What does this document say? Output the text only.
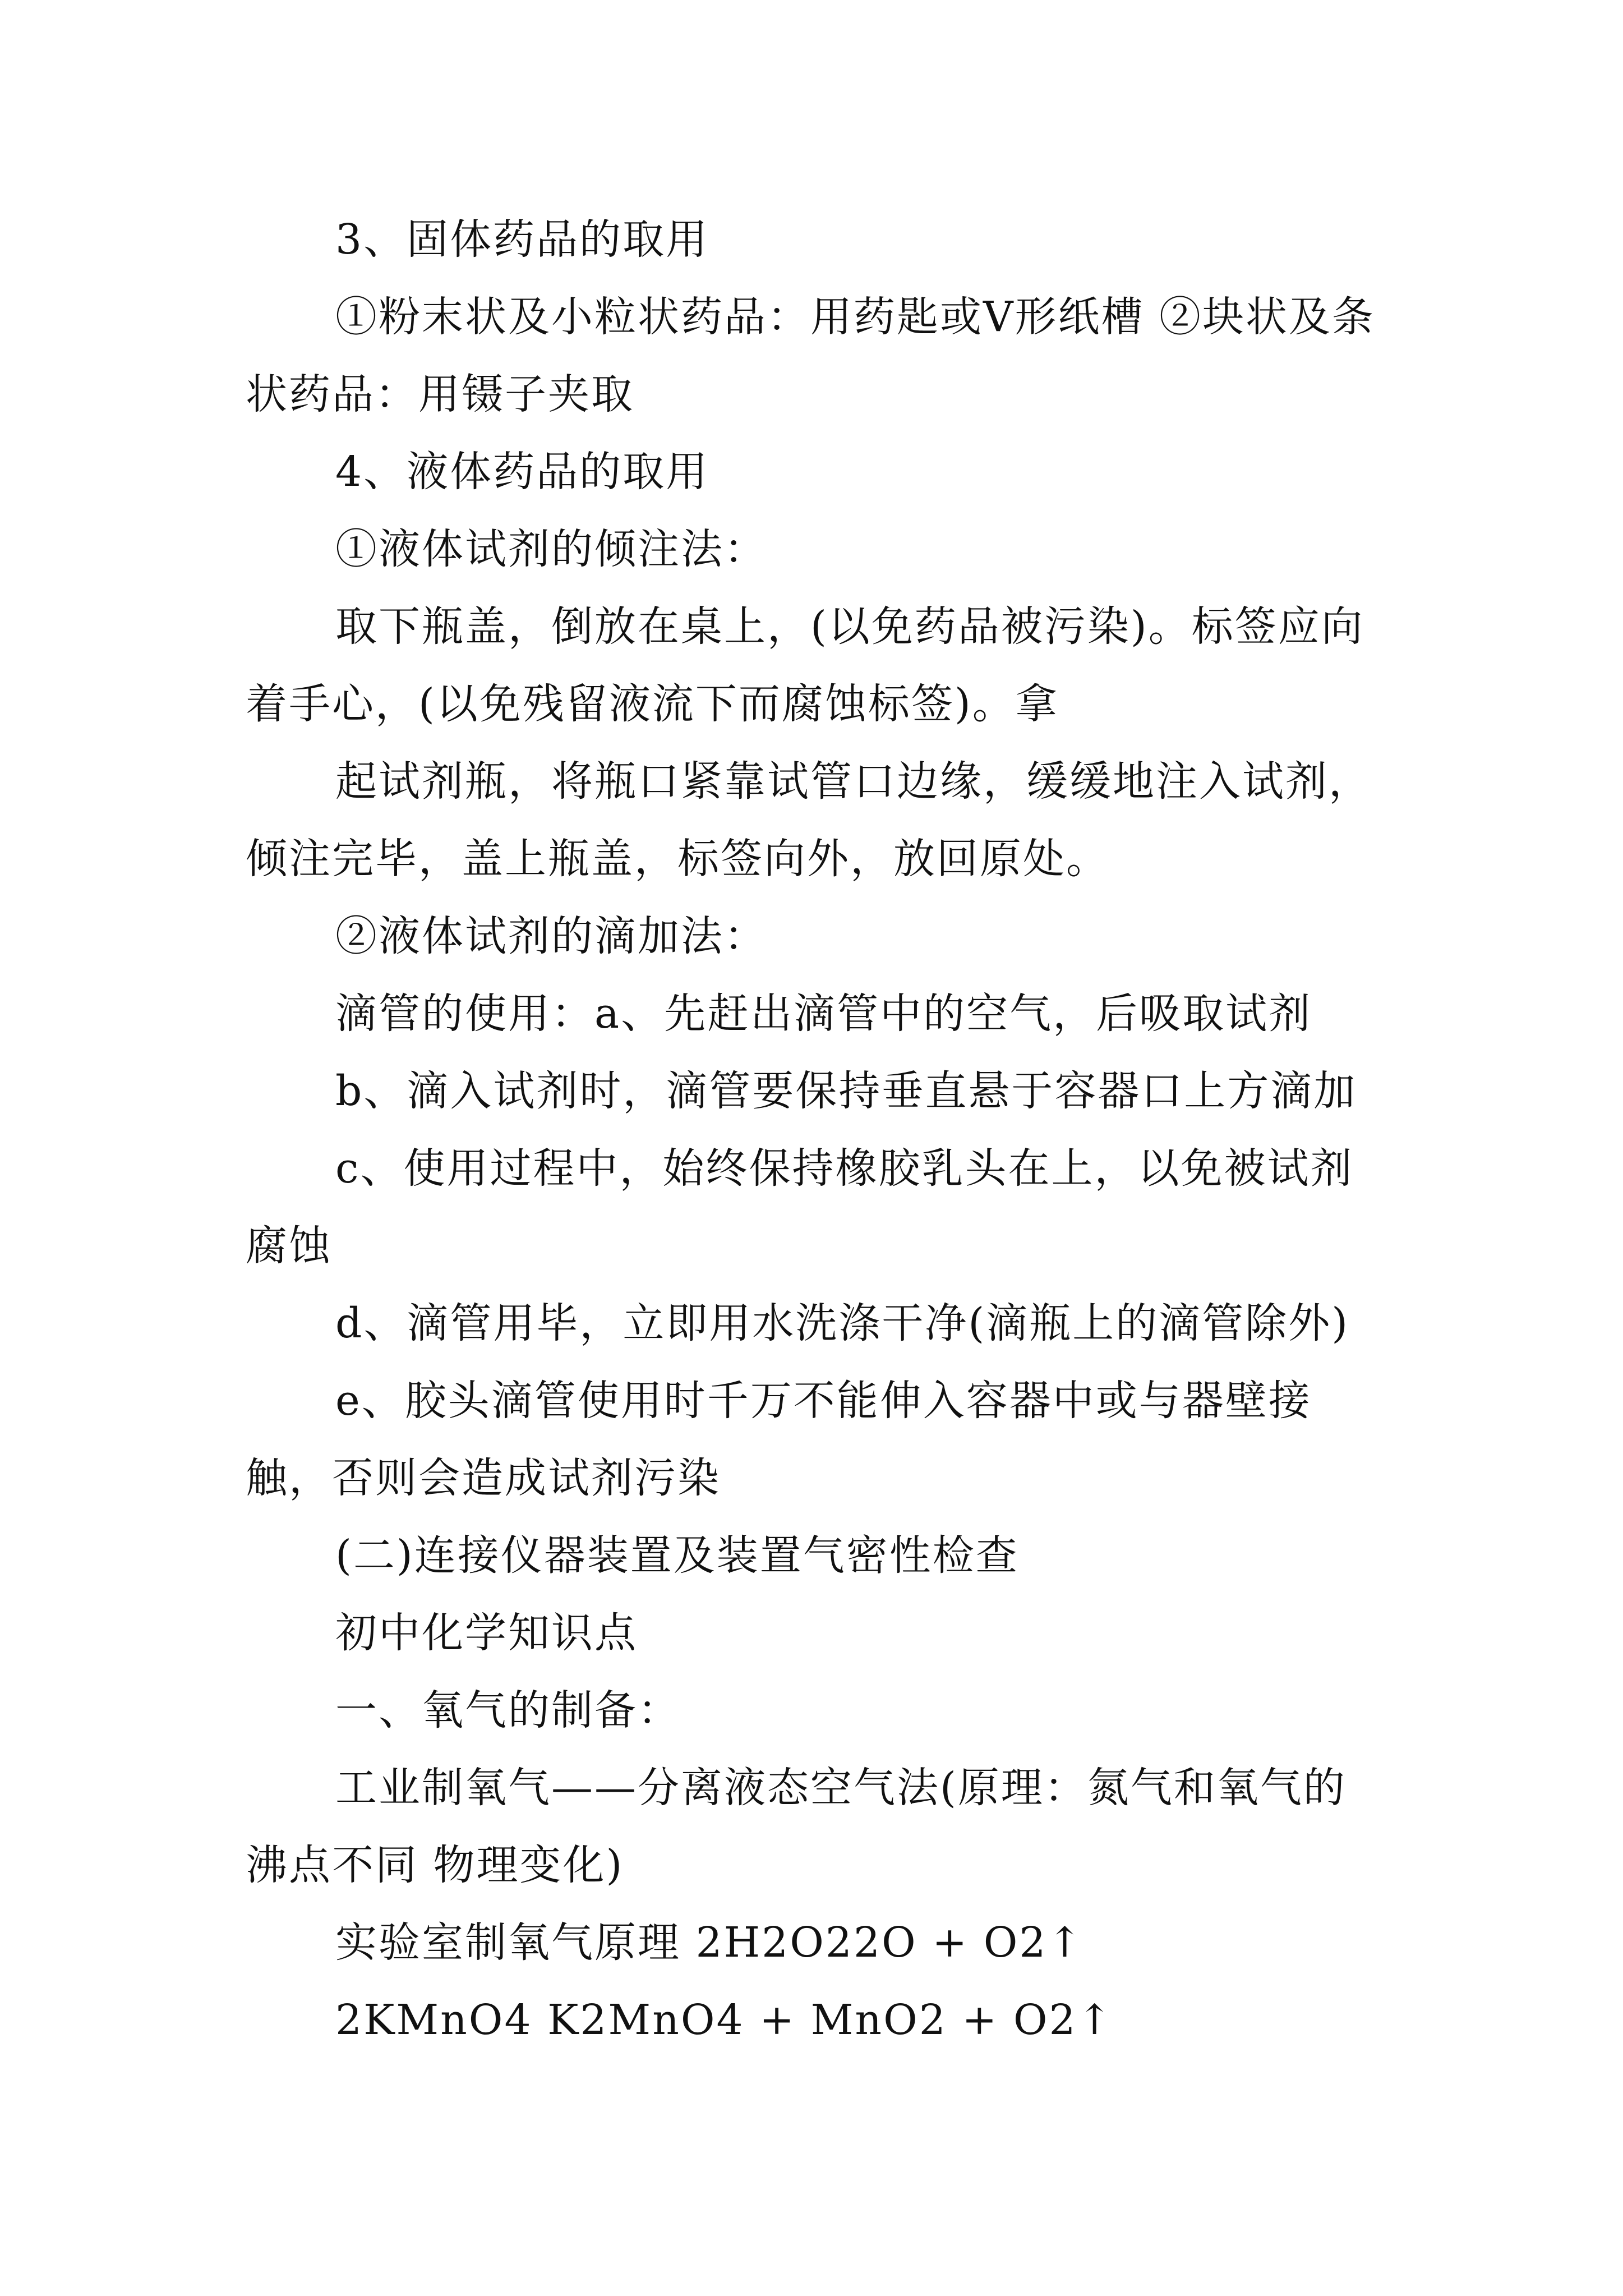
3、固体药品的取用

①粉末状及小粒状药品：用药匙或V形纸槽 ②块状及条状药品：用镊子夹取

4、液体药品的取用

①液体试剂的倾注法：

取下瓶盖，倒放在桌上，(以免药品被污染)。标签应向着手心，(以免残留液流下而腐蚀标签)。拿

起试剂瓶，将瓶口紧靠试管口边缘，缓缓地注入试剂，倾注完毕，盖上瓶盖，标签向外，放回原处。

②液体试剂的滴加法：

滴管的使用：a、先赶出滴管中的空气，后吸取试剂

b、滴入试剂时，滴管要保持垂直悬于容器口上方滴加

c、使用过程中，始终保持橡胶乳头在上，以免被试剂腐蚀

d、滴管用毕，立即用水洗涤干净(滴瓶上的滴管除外)

e、胶头滴管使用时千万不能伸入容器中或与器壁接触，否则会造成试剂污染

(二)连接仪器装置及装置气密性检查

初中化学知识点

一、氧气的制备：

工业制氧气——分离液态空气法(原理：氮气和氧气的沸点不同 物理变化)

实验室制氧气原理 2H2O22O + O2↑

2KMnO4 K2MnO4 + MnO2 + O2↑
